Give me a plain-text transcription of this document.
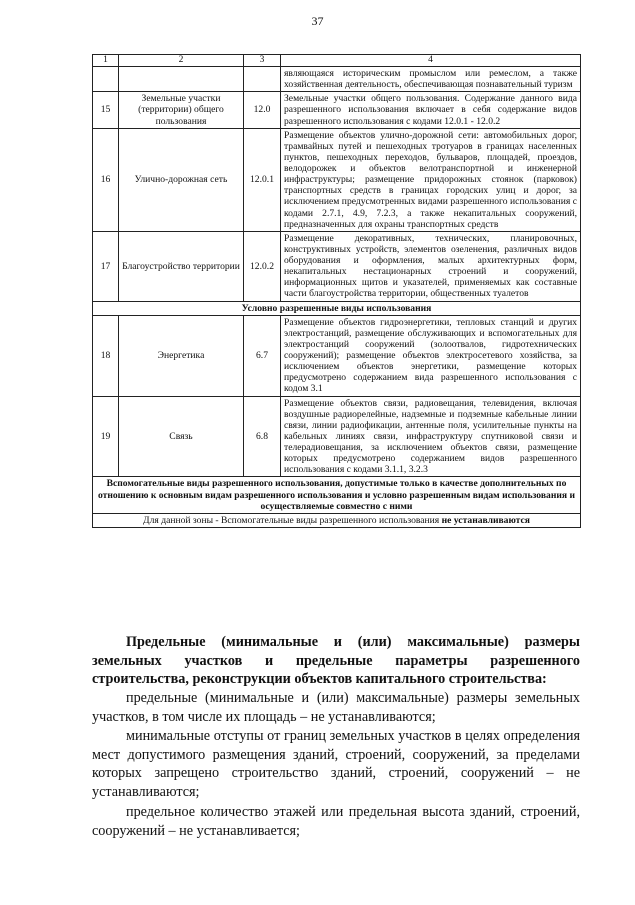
37
1	2	3	4
			являющаяся историческим промыслом или ремеслом, а также хозяйственная деятельность, обеспечивающая познавательный туризм
15	Земельные участки (территории) общего пользования	12.0	Земельные участки общего пользования. Содержание данного вида разрешенного использования включает в себя содержание видов разрешенного использования с кодами 12.0.1 - 12.0.2
16	Улично-дорожная сеть	12.0.1	Размещение объектов улично-дорожной сети: автомобильных дорог, трамвайных путей и пешеходных тротуаров в границах населенных пунктов, пешеходных переходов, бульваров, площадей, проездов, велодорожек и объектов велотранспортной и инженерной инфраструктуры; размещение придорожных стоянок (парковок) транспортных средств в границах городских улиц и дорог, за исключением предусмотренных видами разрешенного использования с кодами 2.7.1, 4.9, 7.2.3, а также некапитальных сооружений, предназначенных для охраны транспортных средств
17	Благоустройство территории	12.0.2	Размещение декоративных, технических, планировочных, конструктивных устройств, элементов озеленения, различных видов оборудования и оформления, малых архитектурных форм, некапитальных нестационарных строений и сооружений, информационных щитов и указателей, применяемых как составные части благоустройства территории, общественных туалетов
Условно разрешенные виды использования			
18	Энергетика	6.7	Размещение объектов гидроэнергетики, тепловых станций и других электростанций, размещение обслуживающих и вспомогательных для электростанций сооружений (золоотвалов, гидротехнических сооружений); размещение объектов электросетевого хозяйства, за исключением объектов энергетики, размещение которых предусмотрено содержанием вида разрешенного использования с кодом 3.1
19	Связь	6.8	Размещение объектов связи, радиовещания, телевидения, включая воздушные радиорелейные, надземные и подземные кабельные линии связи, линии радиофикации, антенные поля, усилительные пункты на кабельных линиях связи, инфраструктуру спутниковой связи и телерадиовещания, за исключением объектов связи, размещение которых предусмотрено содержанием видов разрешенного использования с кодами 3.1.1, 3.2.3
Вспомогательные виды разрешенного использования, допустимые только в качестве дополнительных по отношению к основным видам разрешенного использования и условно разрешенным видам использования и осуществляемые совместно с ними			
Для данной зоны - Вспомогательные виды разрешенного использования не устанавливаются			
Предельные (минимальные и (или) максимальные) размеры земельных участков и предельные параметры разрешенного строительства, реконструкции объектов капитального строительства:
предельные (минимальные и (или) максимальные) размеры земельных участков, в том числе их площадь – не устанавливаются;
минимальные отступы от границ земельных участков в целях определения мест допустимого размещения зданий, строений, сооружений, за пределами которых запрещено строительство зданий, строений, сооружений – не устанавливаются;
предельное количество этажей или предельная высота зданий, строений, сооружений – не устанавливается;
